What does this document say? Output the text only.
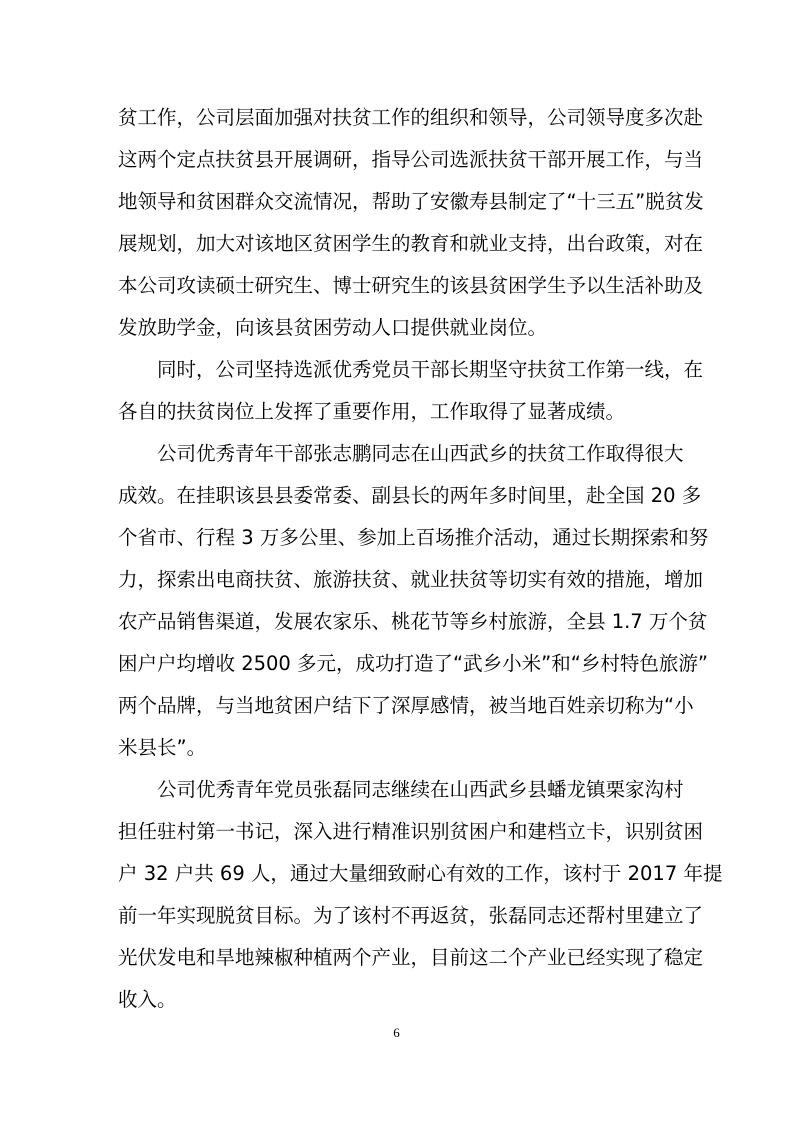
贫工作，公司层面加强对扶贫工作的组织和领导，公司领导度多次赴
这两个定点扶贫县开展调研，指导公司选派扶贫干部开展工作，与当
地领导和贫困群众交流情况，帮助了安徽寿县制定了“十三五”脱贫发
展规划，加大对该地区贫困学生的教育和就业支持，出台政策，对在
本公司攻读硕士研究生、博士研究生的该县贫困学生予以生活补助及
发放助学金，向该县贫困劳动人口提供就业岗位。
同时，公司坚持选派优秀党员干部长期坚守扶贫工作第一线，在
各自的扶贫岗位上发挥了重要作用，工作取得了显著成绩。
公司优秀青年干部张志鹏同志在山西武乡的扶贫工作取得很大
成效。在挂职该县县委常委、副县长的两年多时间里，赴全国 20 多
个省市、行程 3 万多公里、参加上百场推介活动，通过长期探索和努
力，探索出电商扶贫、旅游扶贫、就业扶贫等切实有效的措施，增加
农产品销售渠道，发展农家乐、桃花节等乡村旅游，全县 1.7 万个贫
困户户均增收 2500 多元，成功打造了“武乡小米”和“乡村特色旅游”
两个品牌，与当地贫困户结下了深厚感情，被当地百姓亲切称为“小
米县长”。
公司优秀青年党员张磊同志继续在山西武乡县蟠龙镇栗家沟村
担任驻村第一书记，深入进行精准识别贫困户和建档立卡，识别贫困
户 32 户共 69 人，通过大量细致耐心有效的工作，该村于 2017 年提
前一年实现脱贫目标。为了该村不再返贫，张磊同志还帮村里建立了
光伏发电和旱地辣椒种植两个产业，目前这二个产业已经实现了稳定
收入。
6
